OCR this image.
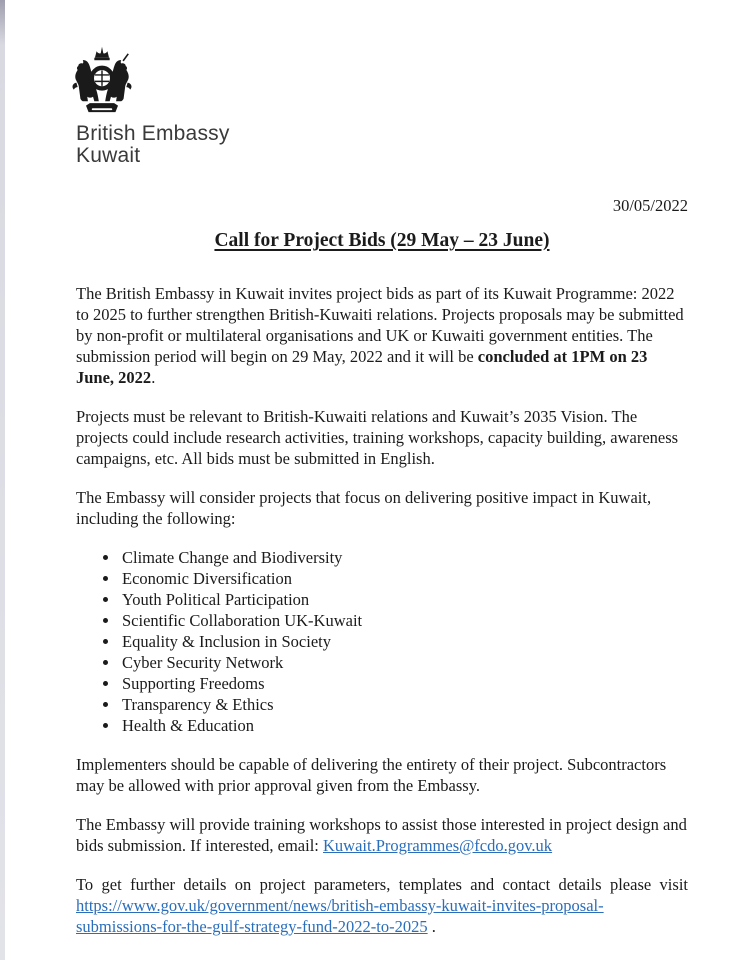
British Embassy
Kuwait
30/05/2022
Call for Project Bids (29 May – 23 June)

The British Embassy in Kuwait invites project bids as part of its Kuwait Programme: 2022 to 2025 to further strengthen British-Kuwaiti relations. Projects proposals may be submitted by non-profit or multilateral organisations and UK or Kuwaiti government entities. The submission period will begin on 29 May, 2022 and it will be concluded at 1PM on 23 June, 2022.

Projects must be relevant to British-Kuwaiti relations and Kuwait’s 2035 Vision. The projects could include research activities, training workshops, capacity building, awareness campaigns, etc. All bids must be submitted in English.

The Embassy will consider projects that focus on delivering positive impact in Kuwait, including the following:

• Climate Change and Biodiversity
• Economic Diversification
• Youth Political Participation
• Scientific Collaboration UK-Kuwait
• Equality & Inclusion in Society
• Cyber Security Network
• Supporting Freedoms
• Transparency & Ethics
• Health & Education

Implementers should be capable of delivering the entirety of their project. Subcontractors may be allowed with prior approval given from the Embassy.

The Embassy will provide training workshops to assist those interested in project design and bids submission. If interested, email: Kuwait.Programmes@fcdo.gov.uk

To get further details on project parameters, templates and contact details please visit https://www.gov.uk/government/news/british-embassy-kuwait-invites-proposal-submissions-for-the-gulf-strategy-fund-2022-to-2025 .
